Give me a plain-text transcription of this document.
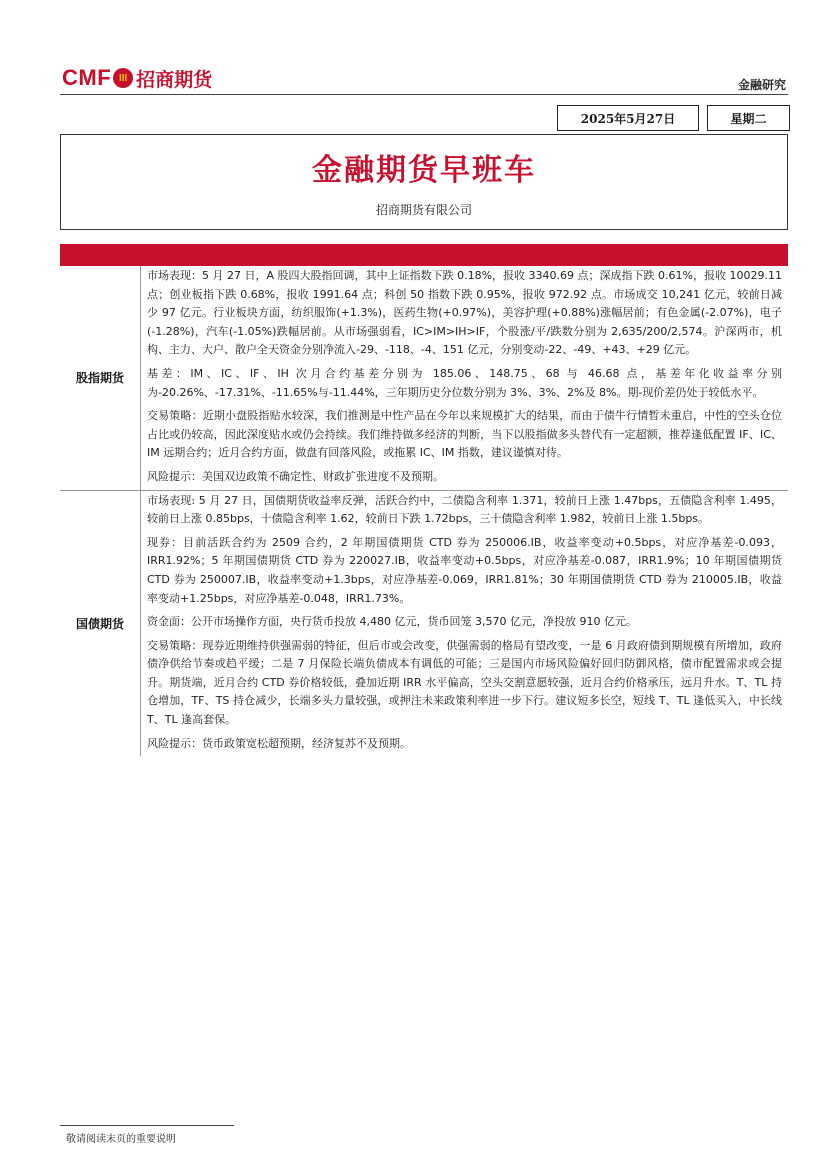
CMF III 招商期货	金融研究
2025年5月27日	星期二
金融期货早班车
招商期货有限公司
股指期货	市场表现：5 月 27 日，A 股四大股指回调，其中上证指数下跌 0.18%，报收 3340.69 点；深成指下跌 0.61%，报收 10029.11 点；创业板指下跌 0.68%，报收 1991.64 点；科创 50 指数下跌 0.95%，报收 972.92 点。市场成交 10,241 亿元，较前日减少 97 亿元。行业板块方面，纺织服饰(+1.3%)，医药生物(+0.97%)，美容护理(+0.88%)涨幅居前；有色金属(-2.07%)，电子(-1.28%)，汽车(-1.05%)跌幅居前。从市场强弱看，IC>IM>IH>IF，个股涨/平/跌数分别为 2,635/200/2,574。沪深两市，机构、主力、大户、散户全天资金分别净流入-29、-118、-4、151 亿元，分别变动-22、-49、+43、+29 亿元。

基差：IM、IC、IF、IH 次月合约基差分别为 185.06、148.75、68 与 46.68 点，基差年化收益率分别为-20.26%、-17.31%、-11.65%与-11.44%，三年期历史分位数分别为 3%、3%、2%及 8%。期-现价差仍处于较低水平。

交易策略：近期小盘股指贴水较深，我们推测是中性产品在今年以来规模扩大的结果，而由于债牛行情暂未重启，中性的空头仓位占比或仍较高，因此深度贴水或仍会持续。我们维持做多经济的判断，当下以股指做多头替代有一定超额，推荐逢低配置 IF、IC、IM 远期合约；近月合约方面，做盘有回落风险，或拖累 IC、IM 指数，建议谨慎对待。

风险提示：美国双边政策不确定性、财政扩张进度不及预期。

国债期货	市场表现: 5 月 27 日，国债期货收益率反弹，活跃合约中，二债隐含利率 1.371，较前日上涨 1.47bps，五债隐含利率 1.495，较前日上涨 0.85bps，十债隐含利率 1.62，较前日下跌 1.72bps，三十债隐含利率 1.982，较前日上涨 1.5bps。

现券：目前活跃合约为 2509 合约，2 年期国债期货 CTD 券为 250006.IB，收益率变动+0.5bps，对应净基差-0.093，IRR1.92%；5 年期国债期货 CTD 券为 220027.IB，收益率变动+0.5bps，对应净基差-0.087，IRR1.9%；10 年期国债期货 CTD 券为 250007.IB，收益率变动+1.3bps，对应净基差-0.069，IRR1.81%；30 年期国债期货 CTD 券为 210005.IB，收益率变动+1.25bps，对应净基差-0.048，IRR1.73%。

资金面：公开市场操作方面，央行货币投放 4,480 亿元，货币回笼 3,570 亿元，净投放 910 亿元。

交易策略：现券近期维持供强需弱的特征，但后市或会改变，供强需弱的格局有望改变，一是 6 月政府债到期规模有所增加，政府债净供给节奏或趋平缓；二是 7 月保险长端负债成本有调低的可能；三是国内市场风险偏好回归防御风格，债市配置需求或会提升。期货端，近月合约 CTD 券价格较低，叠加近期 IRR 水平偏高，空头交割意愿较强，近月合约价格承压，远月升水。T、TL 持仓增加，TF、TS 持仓减少，长端多头力量较强，或押注未来政策利率进一步下行。建议短多长空，短线 T、TL 逢低买入，中长线 T、TL 逢高套保。

风险提示：货币政策宽松超预期，经济复苏不及预期。

敬请阅读末页的重要说明
